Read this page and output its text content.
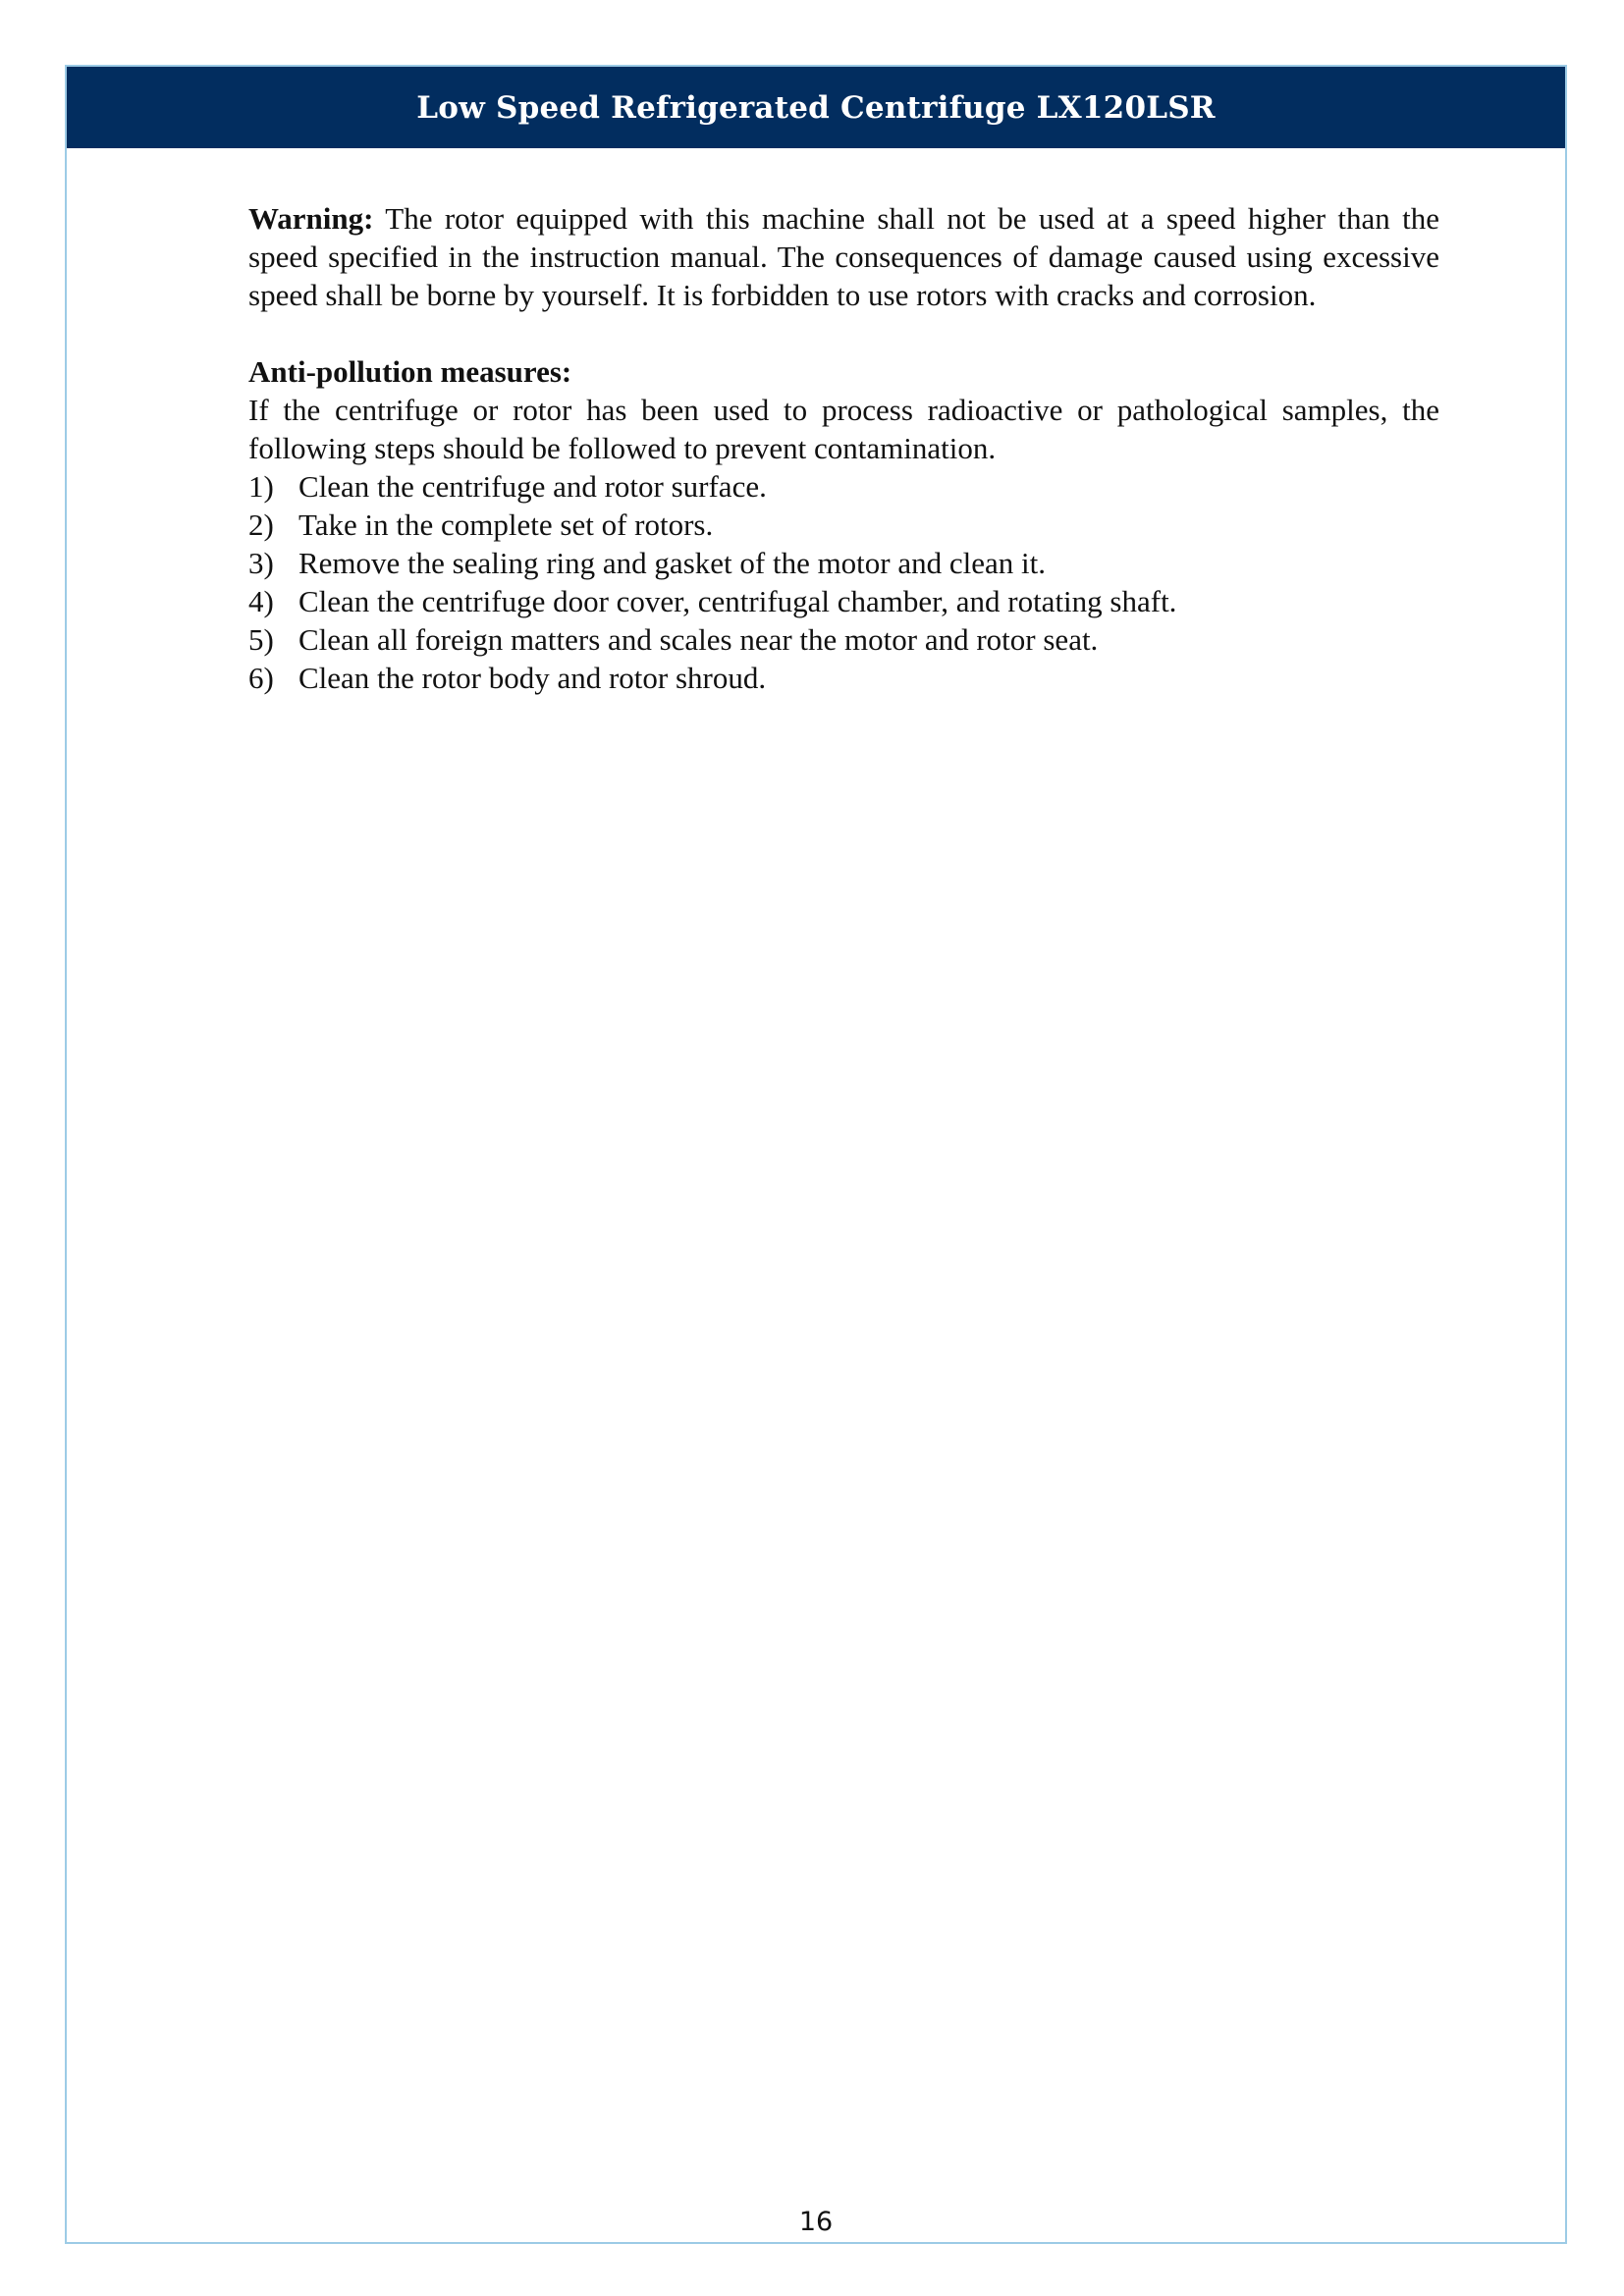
Low Speed Refrigerated Centrifuge LX120LSR

Warning: The rotor equipped with this machine shall not be used at a speed higher than the speed specified in the instruction manual. The consequences of damage caused using excessive speed shall be borne by yourself. It is forbidden to use rotors with cracks and corrosion.

Anti-pollution measures:

If the centrifuge or rotor has been used to process radioactive or pathological samples, the following steps should be followed to prevent contamination.

1) Clean the centrifuge and rotor surface.
2) Take in the complete set of rotors.
3) Remove the sealing ring and gasket of the motor and clean it.
4) Clean the centrifuge door cover, centrifugal chamber, and rotating shaft.
5) Clean all foreign matters and scales near the motor and rotor seat.
6) Clean the rotor body and rotor shroud.
16
